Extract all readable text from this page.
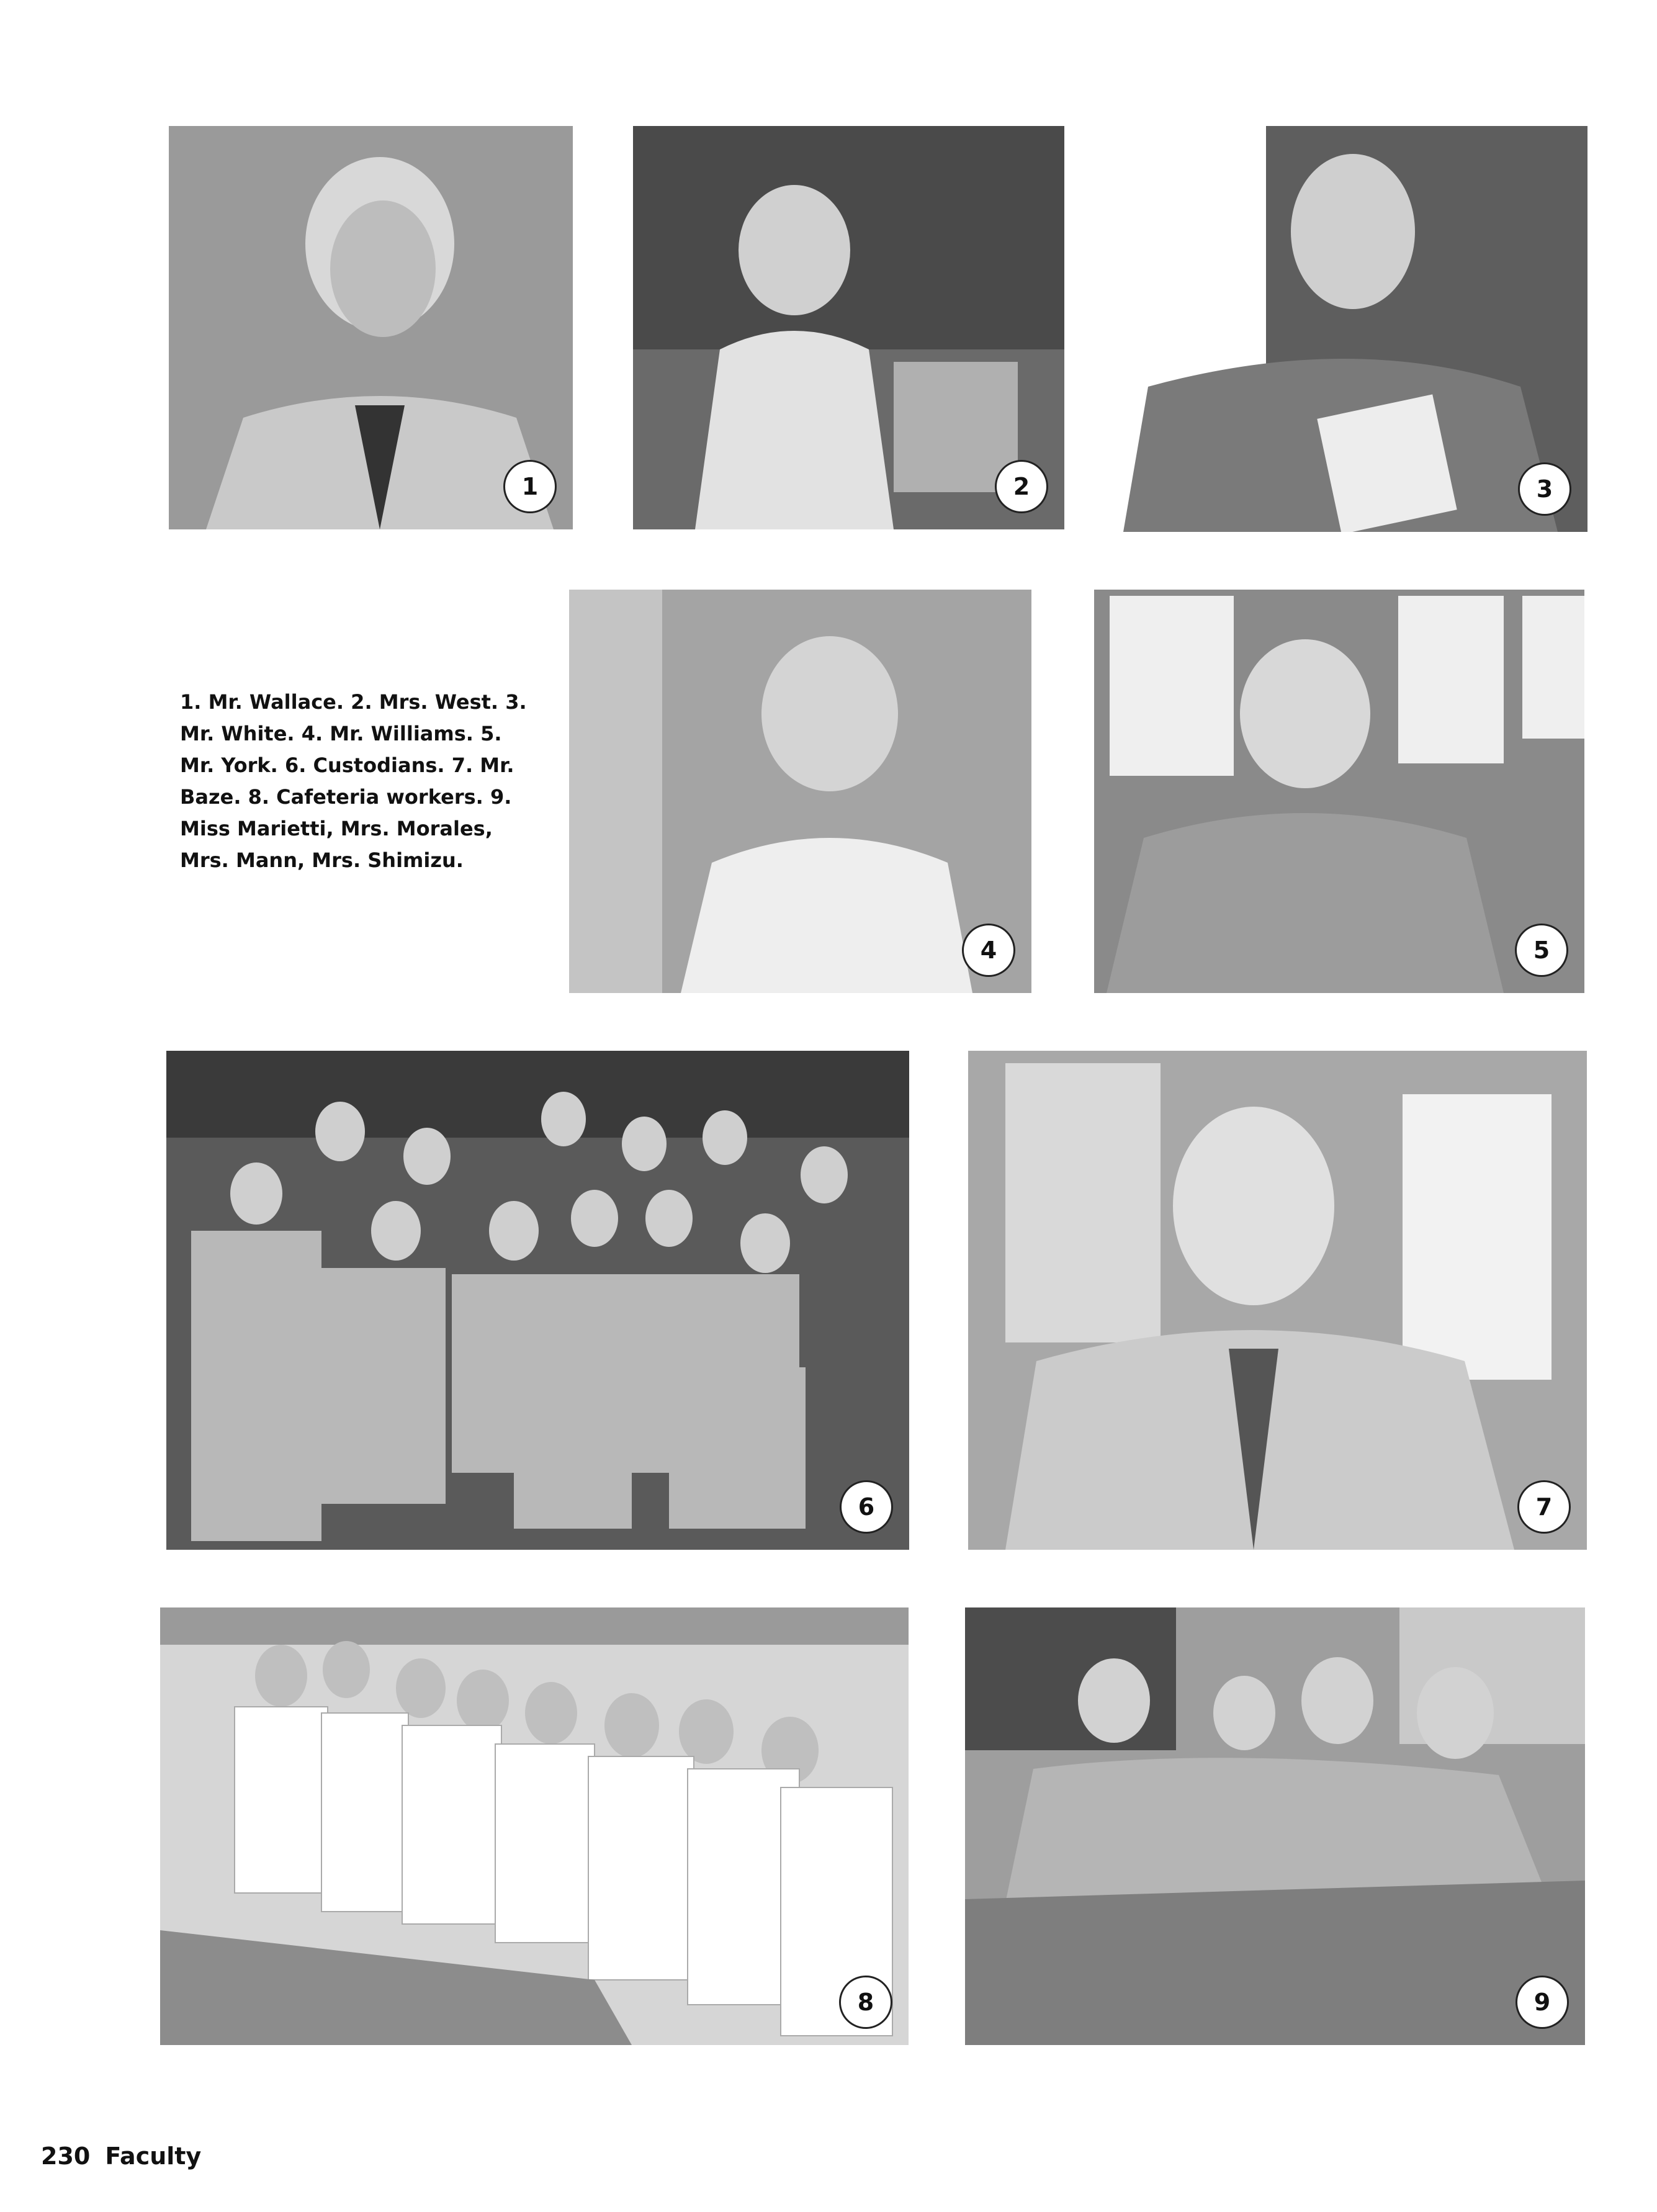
1	2	3

1. Mr. Wallace. 2. Mrs. West. 3. Mr. White. 4. Mr. Williams. 5. Mr. York. 6. Custodians. 7. Mr. Baze. 8. Cafeteria workers. 9. Miss Marietti, Mrs. Morales, Mrs. Mann, Mrs. Shimizu.

4	5
6	7
8	9
230 Faculty
